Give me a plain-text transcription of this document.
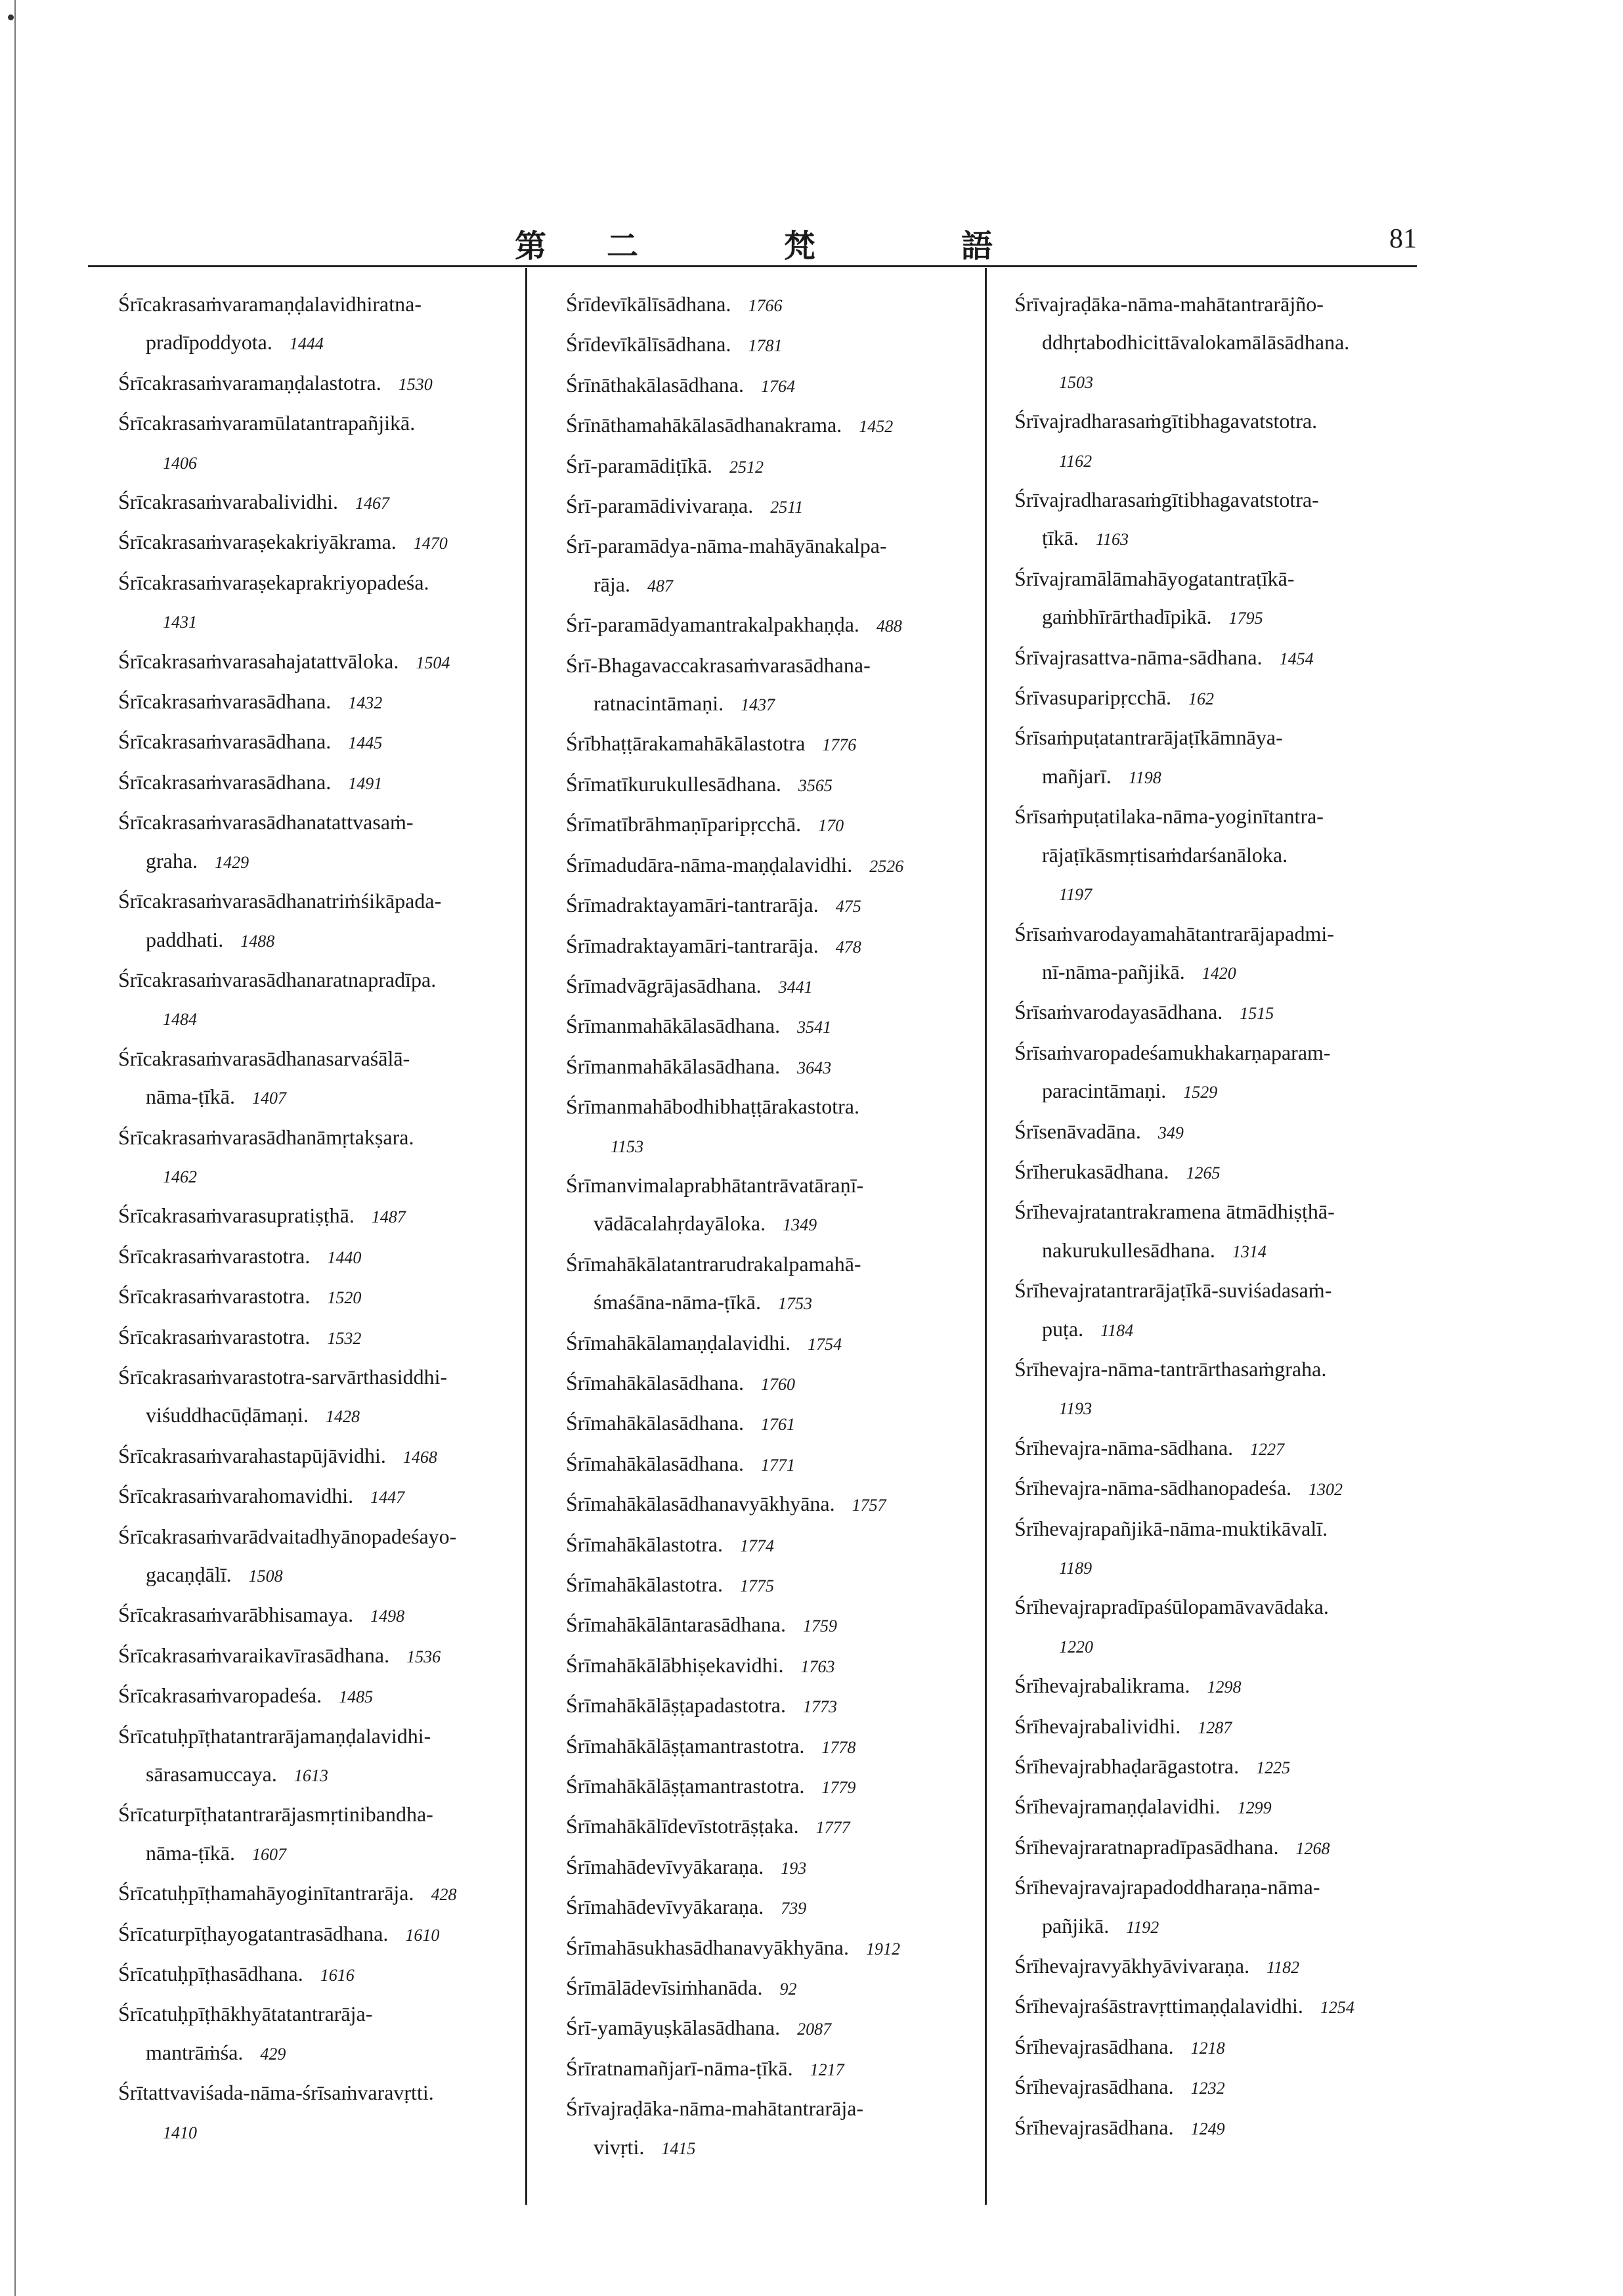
第 二	梵	語	81
Śrīcakrasaṁvaramaṇḍalavidhiratna-
pradīpoddyota. 1444
Śrīcakrasaṁvaramaṇḍalastotra. 1530
Śrīcakrasaṁvaramūlatantrapañjikā.
1406
Śrīcakrasaṁvarabalividhi. 1467
Śrīcakrasaṁvaraṣekakriyākrama. 1470
Śrīcakrasaṁvaraṣekaprakriyopadeśa.
1431
Śrīcakrasaṁvarasahajatattvāloka. 1504
Śrīcakrasaṁvarasādhana. 1432
Śrīcakrasaṁvarasādhana. 1445
Śrīcakrasaṁvarasādhana. 1491
Śrīcakrasaṁvarasādhanatattvasaṁ-
graha. 1429
Śrīcakrasaṁvarasādhanatriṁśikāpada-
paddhati. 1488
Śrīcakrasaṁvarasādhanaratnapradīpa.
1484
Śrīcakrasaṁvarasādhanasarvaśālā-
nāma-ṭīkā. 1407
Śrīcakrasaṁvarasādhanāmṛtakṣara.
1462
Śrīcakrasaṁvarasupratiṣṭhā. 1487
Śrīcakrasaṁvarastotra. 1440
Śrīcakrasaṁvarastotra. 1520
Śrīcakrasaṁvarastotra. 1532
Śrīcakrasaṁvarastotra-sarvārthasiddhi-
viśuddhacūḍāmaṇi. 1428
Śrīcakrasaṁvarahastapūjāvidhi. 1468
Śrīcakrasaṁvarahomavidhi. 1447
Śrīcakrasaṁvarādvaitadhyānopadeśayo-
gacaṇḍālī. 1508
Śrīcakrasaṁvarābhisamaya. 1498
Śrīcakrasaṁvaraikavīrasādhana. 1536
Śrīcakrasaṁvaropadeśa. 1485
Śrīcatuḥpīṭhatantrarājamaṇḍalavidhi-
sārasamuccaya. 1613
Śrīcaturpīṭhatantrarājasmṛtinibandha-
nāma-ṭīkā. 1607
Śrīcatuḥpīṭhamahāyoginītantrarāja. 428
Śrīcaturpīṭhayogatantrasādhana. 1610
Śrīcatuḥpīṭhasādhana. 1616
Śrīcatuḥpīṭhākhyātatantrarāja-
mantrāṁśa. 429
Śrītattvaviśada-nāma-śrīsaṁvaravṛtti.
1410
Śrīdevīkālīsādhana. 1766
Śrīdevīkālīsādhana. 1781
Śrīnāthakālasādhana. 1764
Śrīnāthamahākālasādhanakrama. 1452
Śrī-paramādiṭīkā. 2512
Śrī-paramādivivaraṇa. 2511
Śrī-paramādya-nāma-mahāyānakalpa-
rāja. 487
Śrī-paramādyamantrakalpakhaṇḍa. 488
Śrī-Bhagavaccakrasaṁvarasādhana-
ratnacintāmaṇi. 1437
Śrībhaṭṭārakamahākālastotra 1776
Śrīmatīkurukullesādhana. 3565
Śrīmatībrāhmaṇīparipṛcchā. 170
Śrīmadudāra-nāma-maṇḍalavidhi. 2526
Śrīmadraktayamāri-tantrarāja. 475
Śrīmadraktayamāri-tantrarāja. 478
Śrīmadvāgrājasādhana. 3441
Śrīmanmahākālasādhana. 3541
Śrīmanmahākālasādhana. 3643
Śrīmanmahābodhibhaṭṭārakastotra.
1153
Śrīmanvimalaprabhātantrāvatāraṇī-
vādācalahṛdayāloka. 1349
Śrīmahākālatantrarudrakalpamahā-
śmaśāna-nāma-ṭīkā. 1753
Śrīmahākālamaṇḍalavidhi. 1754
Śrīmahākālasādhana. 1760
Śrīmahākālasādhana. 1761
Śrīmahākālasādhana. 1771
Śrīmahākālasādhanavyākhyāna. 1757
Śrīmahākālastotra. 1774
Śrīmahākālastotra. 1775
Śrīmahākālāntarasādhana. 1759
Śrīmahākālābhiṣekavidhi. 1763
Śrīmahākālāṣṭapadastotra. 1773
Śrīmahākālāṣṭamantrastotra. 1778
Śrīmahākālāṣṭamantrastotra. 1779
Śrīmahākālīdevīstotrāṣṭaka. 1777
Śrīmahādevīvyākaraṇa. 193
Śrīmahādevīvyākaraṇa. 739
Śrīmahāsukhasādhanavyākhyāna. 1912
Śrīmālādevīsiṁhanāda. 92
Śrī-yamāyuṣkālasādhana. 2087
Śrīratnamañjarī-nāma-ṭīkā. 1217
Śrīvajraḍāka-nāma-mahātantrarāja-
vivṛti. 1415
Śrīvajraḍāka-nāma-mahātantrarājño-
ddhṛtabodhicittāvalokamālāsādhana.
1503
Śrīvajradharasaṁgītibhagavatstotra.
1162
Śrīvajradharasaṁgītibhagavatstotra-
ṭīkā. 1163
Śrīvajramālāmahāyogatantraṭīkā-
gaṁbhīrārthadīpikā. 1795
Śrīvajrasattva-nāma-sādhana. 1454
Śrīvasuparipṛcchā. 162
Śrīsaṁpuṭatantrarājaṭīkāmnāya-
mañjarī. 1198
Śrīsaṁpuṭatilaka-nāma-yoginītantra-
rājaṭīkāsmṛtisaṁdarśanāloka.
1197
Śrīsaṁvarodayamahātantrarājapadmi-
nī-nāma-pañjikā. 1420
Śrīsaṁvarodayasādhana. 1515
Śrīsaṁvaropadeśamukhakarṇaparam-
paracintāmaṇi. 1529
Śrīsenāvadāna. 349
Śrīherukasādhana. 1265
Śrīhevajratantrakramena ātmādhiṣṭhā-
nakurukullesādhana. 1314
Śrīhevajratantrarājaṭīkā-suviśadasaṁ-
puṭa. 1184
Śrīhevajra-nāma-tantrārthasaṁgraha.
1193
Śrīhevajra-nāma-sādhana. 1227
Śrīhevajra-nāma-sādhanopadeśa. 1302
Śrīhevajrapañjikā-nāma-muktikāvalī.
1189
Śrīhevajrapradīpaśūlopamāvavādaka.
1220
Śrīhevajrabalikrama. 1298
Śrīhevajrabalividhi. 1287
Śrīhevajrabhaḍarāgastotra. 1225
Śrīhevajramaṇḍalavidhi. 1299
Śrīhevajraratnapradīpasādhana. 1268
Śrīhevajravajrapadoddharaṇa-nāma-
pañjikā. 1192
Śrīhevajravyākhyāvivaraṇa. 1182
Śrīhevajraśāstravṛttimaṇḍalavidhi. 1254
Śrīhevajrasādhana. 1218
Śrīhevajrasādhana. 1232
Śrīhevajrasādhana. 1249
